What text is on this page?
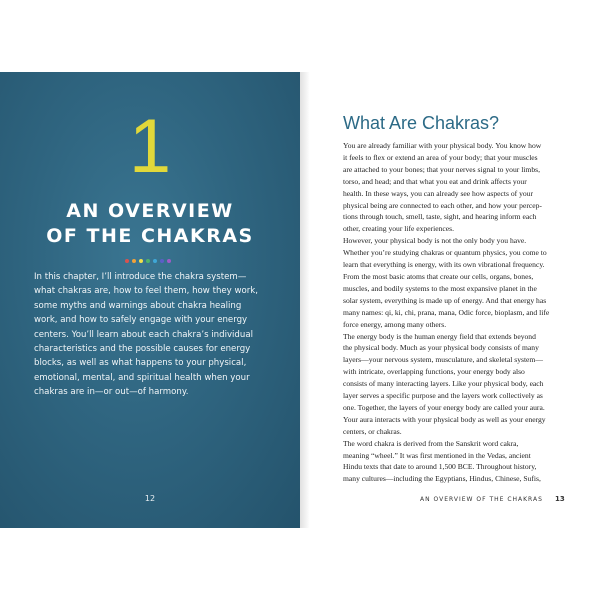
1
AN OVERVIEW
OF THE CHAKRAS
In this chapter, I’ll introduce the chakra system—
what chakras are, how to feel them, how they work,
some myths and warnings about chakra healing
work, and how to safely engage with your energy
centers. You’ll learn about each chakra’s individual
characteristics and the possible causes for energy
blocks, as well as what happens to your physical,
emotional, mental, and spiritual health when your
chakras are in—or out—of harmony.
12
What Are Chakras?
You are already familiar with your physical body. You know how
it feels to flex or extend an area of your body; that your muscles
are attached to your bones; that your nerves signal to your limbs,
torso, and head; and that what you eat and drink affects your
health. In these ways, you can already see how aspects of your
physical being are connected to each other, and how your percep-
tions through touch, smell, taste, sight, and hearing inform each
other, creating your life experiences.
However, your physical body is not the only body you have.
Whether you’re studying chakras or quantum physics, you come to
learn that everything is energy, with its own vibrational frequency.
From the most basic atoms that create our cells, organs, bones,
muscles, and bodily systems to the most expansive planet in the
solar system, everything is made up of energy. And that energy has
many names: qi, ki, chi, prana, mana, Odic force, bioplasm, and life
force energy, among many others.
The energy body is the human energy field that extends beyond
the physical body. Much as your physical body consists of many
layers—your nervous system, musculature, and skeletal system—
with intricate, overlapping functions, your energy body also
consists of many interacting layers. Like your physical body, each
layer serves a specific purpose and the layers work collectively as
one. Together, the layers of your energy body are called your aura.
Your aura interacts with your physical body as well as your energy
centers, or chakras.
The word chakra is derived from the Sanskrit word cakra,
meaning “wheel.” It was first mentioned in the Vedas, ancient
Hindu texts that date to around 1,500 BCE. Throughout history,
many cultures—including the Egyptians, Hindus, Chinese, Sufis,
AN OVERVIEW OF THE CHAKRAS 13
